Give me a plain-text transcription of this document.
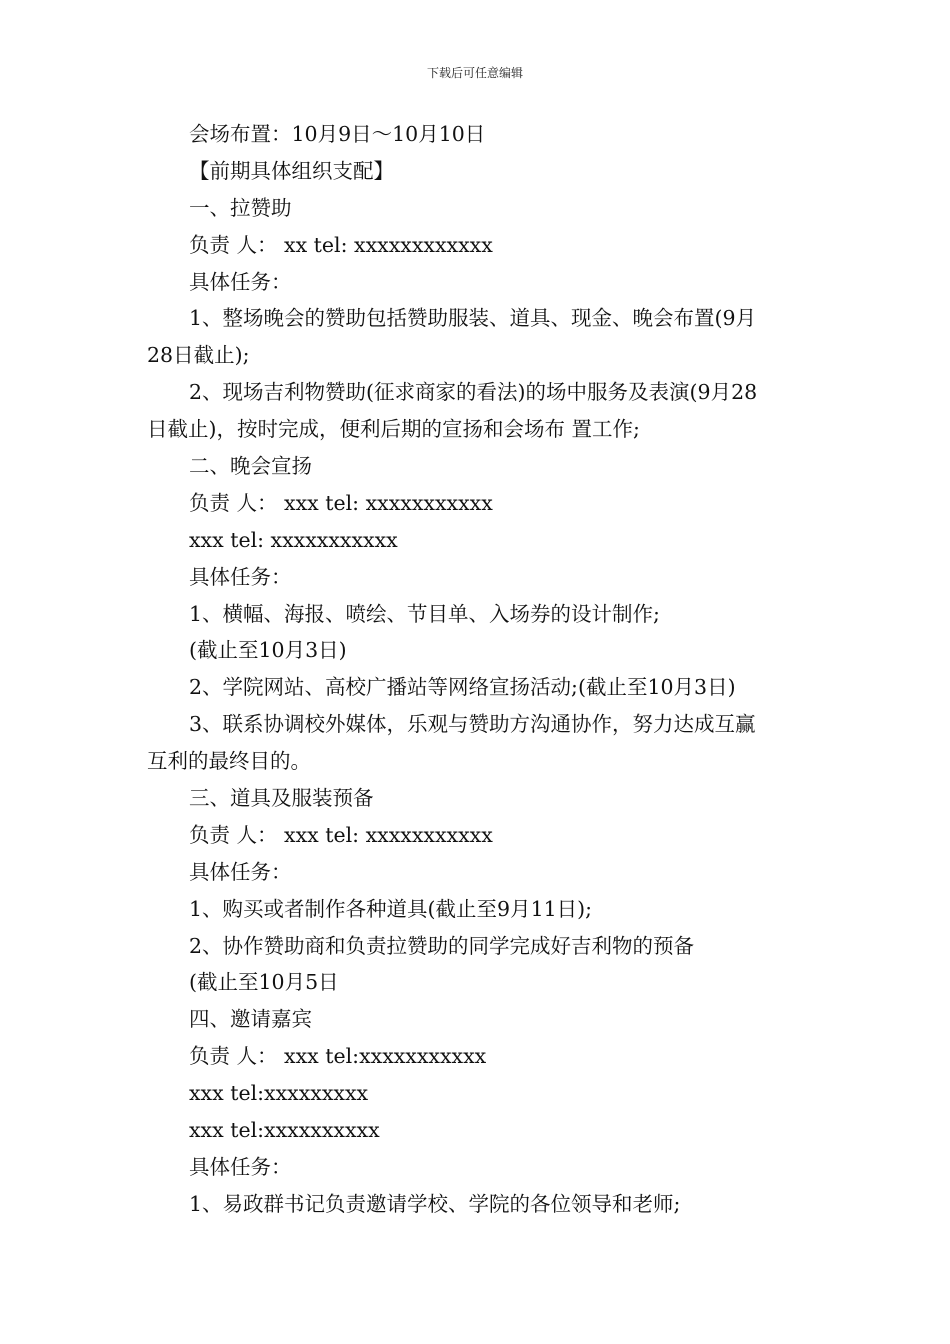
下载后可任意编辑
会场布置：10月9日～10月10日
【前期具体组织支配】
一、拉赞助
负责 人： xx tel: xxxxxxxxxxxx
具体任务：
1、整场晚会的赞助包括赞助服装、道具、现金、晚会布置(9月
28日截止);
2、现场吉利物赞助(征求商家的看法)的场中服务及表演(9月28
日截止)，按时完成，便利后期的宣扬和会场布 置工作;
二、晚会宣扬
负责 人： xxx tel: xxxxxxxxxxx
xxx tel: xxxxxxxxxxx
具体任务：
1、横幅、海报、喷绘、节目单、入场券的设计制作;
(截止至10月3日)
2、学院网站、高校广播站等网络宣扬活动;(截止至10月3日)
3、联系协调校外媒体，乐观与赞助方沟通协作，努力达成互赢
互利的最终目的。
三、道具及服装预备
负责 人： xxx tel: xxxxxxxxxxx
具体任务：
1、购买或者制作各种道具(截止至9月11日);
2、协作赞助商和负责拉赞助的同学完成好吉利物的预备
(截止至10月5日
四、邀请嘉宾
负责 人： xxx tel:xxxxxxxxxxx
xxx tel:xxxxxxxxx
xxx tel:xxxxxxxxxx
具体任务：
1、易政群书记负责邀请学校、学院的各位领导和老师;
